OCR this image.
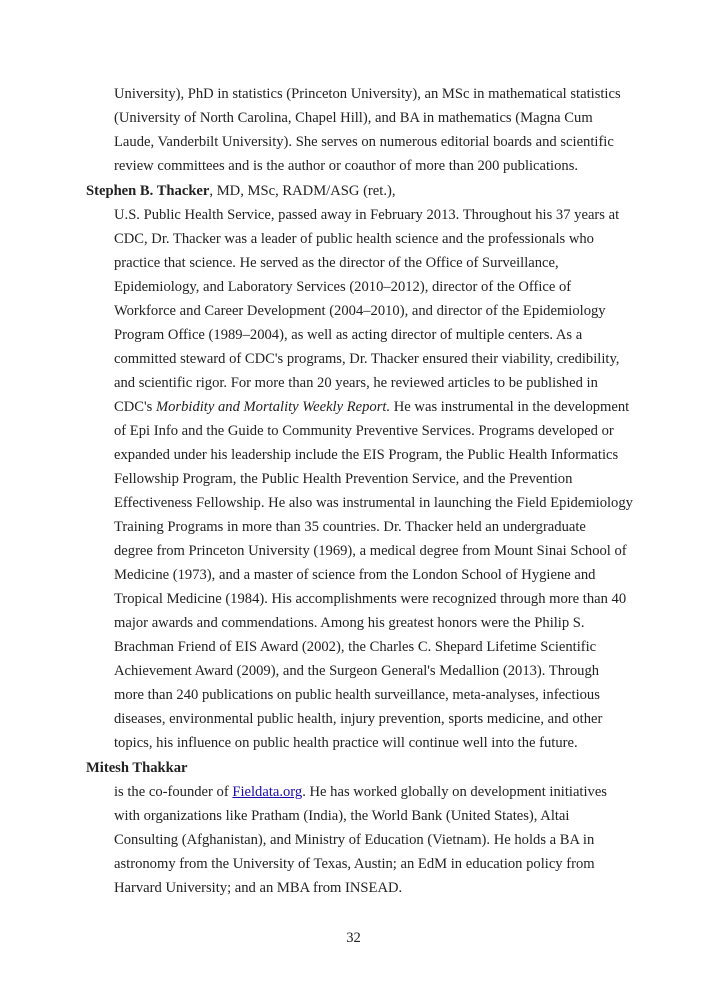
University), PhD in statistics (Princeton University), an MSc in mathematical statistics
(University of North Carolina, Chapel Hill), and BA in mathematics (Magna Cum
Laude, Vanderbilt University). She serves on numerous editorial boards and scientific
review committees and is the author or coauthor of more than 200 publications.
Stephen B. Thacker, MD, MSc, RADM/ASG (ret.),
U.S. Public Health Service, passed away in February 2013. Throughout his 37 years at
CDC, Dr. Thacker was a leader of public health science and the professionals who
practice that science. He served as the director of the Office of Surveillance,
Epidemiology, and Laboratory Services (2010–2012), director of the Office of
Workforce and Career Development (2004–2010), and director of the Epidemiology
Program Office (1989–2004), as well as acting director of multiple centers. As a
committed steward of CDC's programs, Dr. Thacker ensured their viability, credibility,
and scientific rigor. For more than 20 years, he reviewed articles to be published in
CDC's Morbidity and Mortality Weekly Report. He was instrumental in the development
of Epi Info and the Guide to Community Preventive Services. Programs developed or
expanded under his leadership include the EIS Program, the Public Health Informatics
Fellowship Program, the Public Health Prevention Service, and the Prevention
Effectiveness Fellowship. He also was instrumental in launching the Field Epidemiology
Training Programs in more than 35 countries. Dr. Thacker held an undergraduate
degree from Princeton University (1969), a medical degree from Mount Sinai School of
Medicine (1973), and a master of science from the London School of Hygiene and
Tropical Medicine (1984). His accomplishments were recognized through more than 40
major awards and commendations. Among his greatest honors were the Philip S.
Brachman Friend of EIS Award (2002), the Charles C. Shepard Lifetime Scientific
Achievement Award (2009), and the Surgeon General's Medallion (2013). Through
more than 240 publications on public health surveillance, meta-analyses, infectious
diseases, environmental public health, injury prevention, sports medicine, and other
topics, his influence on public health practice will continue well into the future.
Mitesh Thakkar
is the co-founder of Fieldata.org. He has worked globally on development initiatives
with organizations like Pratham (India), the World Bank (United States), Altai
Consulting (Afghanistan), and Ministry of Education (Vietnam). He holds a BA in
astronomy from the University of Texas, Austin; an EdM in education policy from
Harvard University; and an MBA from INSEAD.
32
